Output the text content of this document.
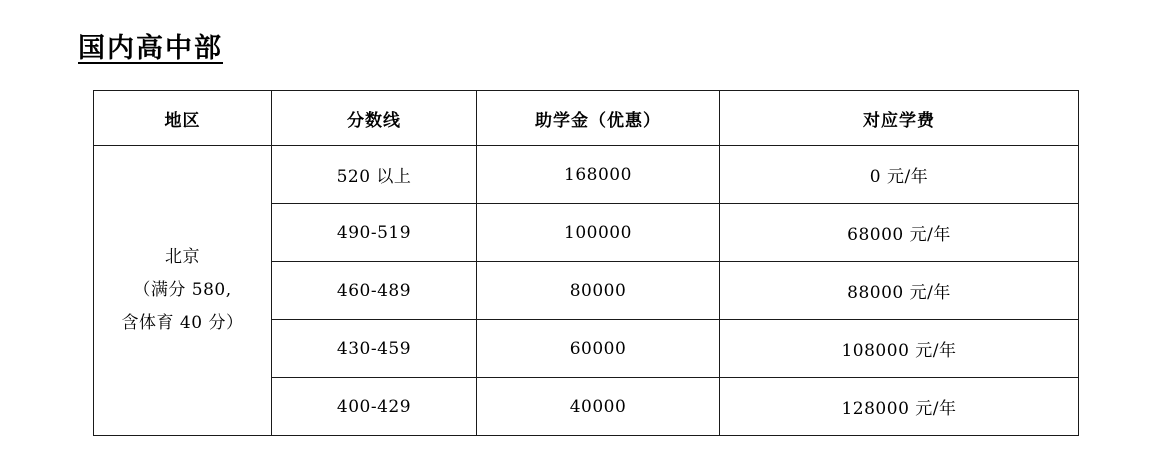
国内高中部
地区	分数线	助学金（优惠）	对应学费

北京
（满分 580,
含体育 40 分）	520 以上	168000	0 元/年
	490-519	100000	68000 元/年
	460-489	80000	88000 元/年
	430-459	60000	108000 元/年
	400-429	40000	128000 元/年
